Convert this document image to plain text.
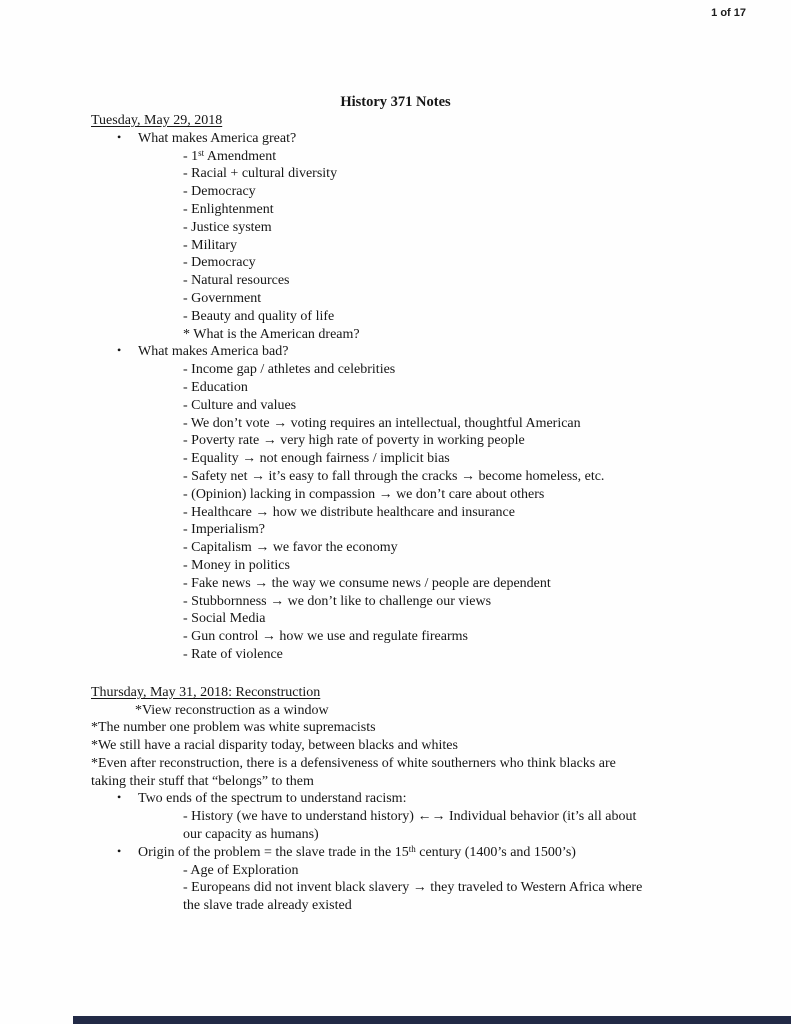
1 of 17
History 371 Notes
Tuesday, May 29, 2018
• What makes America great?
- 1st Amendment
- Racial + cultural diversity
- Democracy
- Enlightenment
- Justice system
- Military
- Democracy
- Natural resources
- Government
- Beauty and quality of life
* What is the American dream?
• What makes America bad?
- Income gap / athletes and celebrities
- Education
- Culture and values
- We don’t vote → voting requires an intellectual, thoughtful American
- Poverty rate → very high rate of poverty in working people
- Equality → not enough fairness / implicit bias
- Safety net → it’s easy to fall through the cracks → become homeless, etc.
- (Opinion) lacking in compassion → we don’t care about others
- Healthcare → how we distribute healthcare and insurance
- Imperialism?
- Capitalism → we favor the economy
- Money in politics
- Fake news → the way we consume news / people are dependent
- Stubbornness → we don’t like to challenge our views
- Social Media
- Gun control → how we use and regulate firearms
- Rate of violence
Thursday, May 31, 2018: Reconstruction
*View reconstruction as a window
*The number one problem was white supremacists
*We still have a racial disparity today, between blacks and whites
*Even after reconstruction, there is a defensiveness of white southerners who think blacks are
taking their stuff that “belongs” to them
• Two ends of the spectrum to understand racism:
- History (we have to understand history) ←→ Individual behavior (it’s all about
our capacity as humans)
• Origin of the problem = the slave trade in the 15th century (1400’s and 1500’s)
- Age of Exploration
- Europeans did not invent black slavery → they traveled to Western Africa where
the slave trade already existed
